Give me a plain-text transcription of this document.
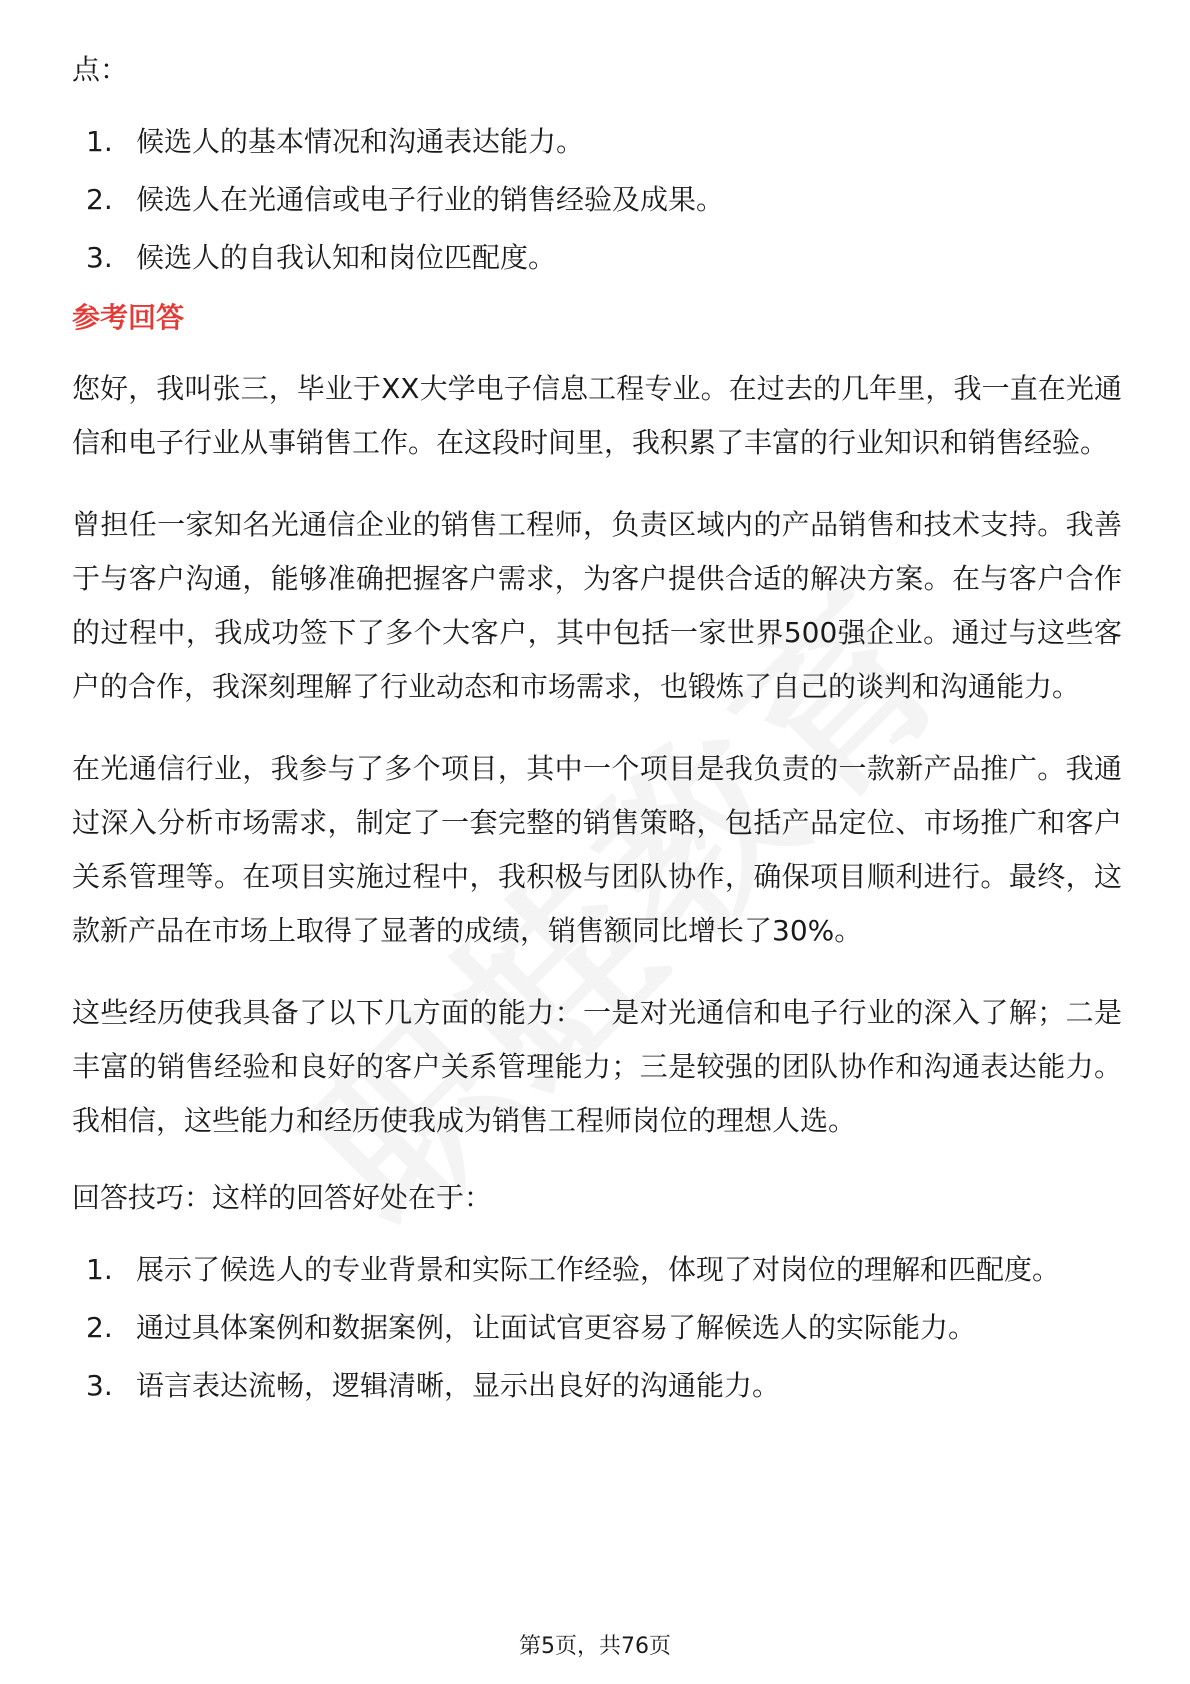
点：
1. 候选人的基本情况和沟通表达能力。
2. 候选人在光通信或电子行业的销售经验及成果。
3. 候选人的自我认知和岗位匹配度。
参考回答

您好，我叫张三，毕业于XX大学电子信息工程专业。在过去的几年里，我一直在光通信和电子行业从事销售工作。在这段时间里，我积累了丰富的行业知识和销售经验。

曾担任一家知名光通信企业的销售工程师，负责区域内的产品销售和技术支持。我善于与客户沟通，能够准确把握客户需求，为客户提供合适的解决方案。在与客户合作的过程中，我成功签下了多个大客户，其中包括一家世界500强企业。通过与这些客户的合作，我深刻理解了行业动态和市场需求，也锻炼了自己的谈判和沟通能力。

在光通信行业，我参与了多个项目，其中一个项目是我负责的一款新产品推广。我通过深入分析市场需求，制定了一套完整的销售策略，包括产品定位、市场推广和客户关系管理等。在项目实施过程中，我积极与团队协作，确保项目顺利进行。最终，这款新产品在市场上取得了显著的成绩，销售额同比增长了30%。

这些经历使我具备了以下几方面的能力：一是对光通信和电子行业的深入了解；二是丰富的销售经验和良好的客户关系管理能力；三是较强的团队协作和沟通表达能力。我相信，这些能力和经历使我成为销售工程师岗位的理想人选。

回答技巧：这样的回答好处在于：
1. 展示了候选人的专业背景和实际工作经验，体现了对岗位的理解和匹配度。
2. 通过具体案例和数据案例，让面试官更容易了解候选人的实际能力。
3. 语言表达流畅，逻辑清晰，显示出良好的沟通能力。
第5页，共76页
